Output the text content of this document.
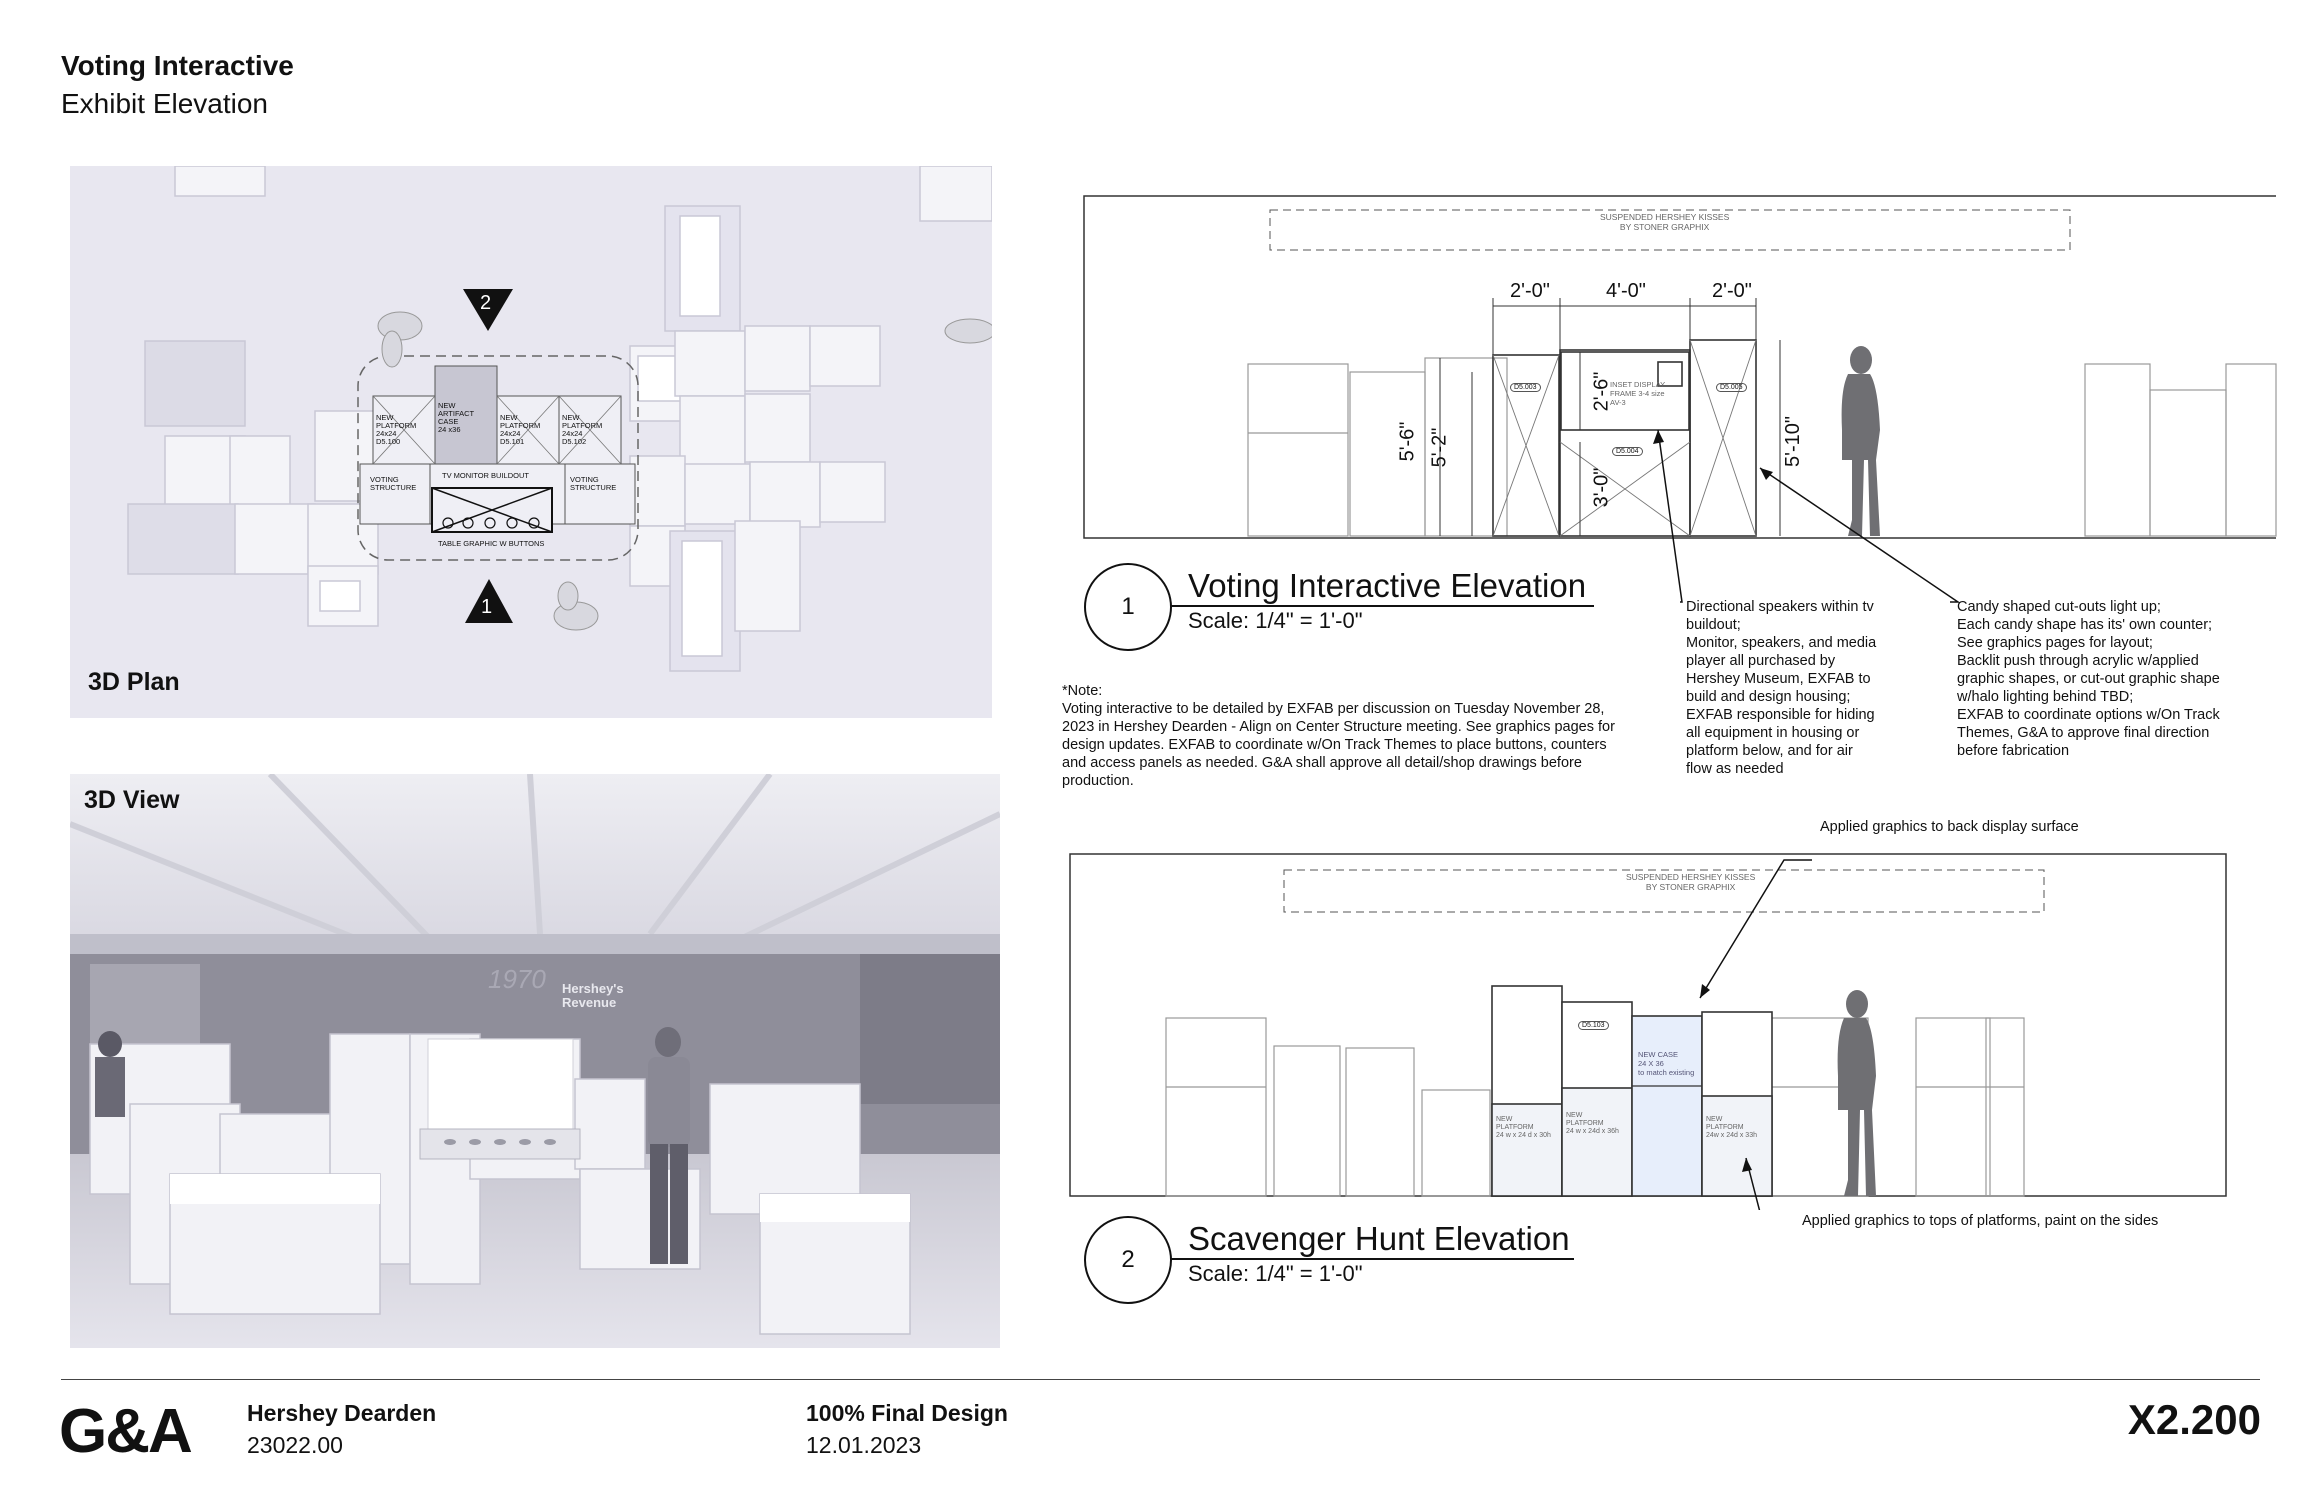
Voting Interactive
Exhibit Elevation
2
1
NEW
PLATFORM
24x24
D5.100
NEW
ARTIFACT
CASE
24 x36
NEW
PLATFORM
24x24
D5.101
NEW
PLATFORM
24x24
D5.102
VOTING
STRUCTURE
TV MONITOR BUILDOUT	VOTING
STRUCTURE
TABLE GRAPHIC W BUTTONS
3D Plan
1970 Hershey's
Revenue
3D View
SUSPENDED HERSHEY KISSES
BY STONER GRAPHIX
2'-0"	4'-0"	2'-0"
5'-6" 5'-2"
2'-6"
3'-0"
5'-10"
INSET DISPLAY
FRAME 3-4 size
AV-3
D5.003
D5.004
D5.005
1
Voting Interactive Elevation
Scale: 1/4" = 1'-0"
Directional speakers within tv
buildout;
Monitor, speakers, and media
player all purchased by
Hershey Museum, EXFAB to
build and design housing;
EXFAB responsible for hiding
all equipment in housing or
platform below, and for air
flow as needed
Candy shaped cut-outs light up;
Each candy shape has its' own counter;
See graphics pages for layout;
Backlit push through acrylic w/applied
graphic shapes, or cut-out graphic shape
w/halo lighting behind TBD;
EXFAB to coordinate options w/On Track
Themes, G&A to approve final direction
before fabrication
*Note:
Voting interactive to be detailed by EXFAB per discussion on Tuesday November 28,
2023 in Hershey Dearden - Align on Center Structure meeting. See graphics pages for
design updates. EXFAB to coordinate w/On Track Themes to place buttons, counters
and access panels as needed. G&A shall approve all detail/shop drawings before
production.
SUSPENDED HERSHEY KISSES
BY STONER GRAPHIX
Applied graphics to back display surface
Applied graphics to tops of platforms, paint on the sides
D5.103
NEW CASE
24 X 36
to match existing
NEW
PLATFORM
24 w x 24 d x 30h
NEW
PLATFORM
24 w x 24d x 36h
NEW
PLATFORM
24w x 24d x 33h
2
Scavenger Hunt Elevation
Scale: 1/4" = 1'-0"
G&A Hershey Dearden
23022.00
100% Final Design
12.01.2023
X2.200
